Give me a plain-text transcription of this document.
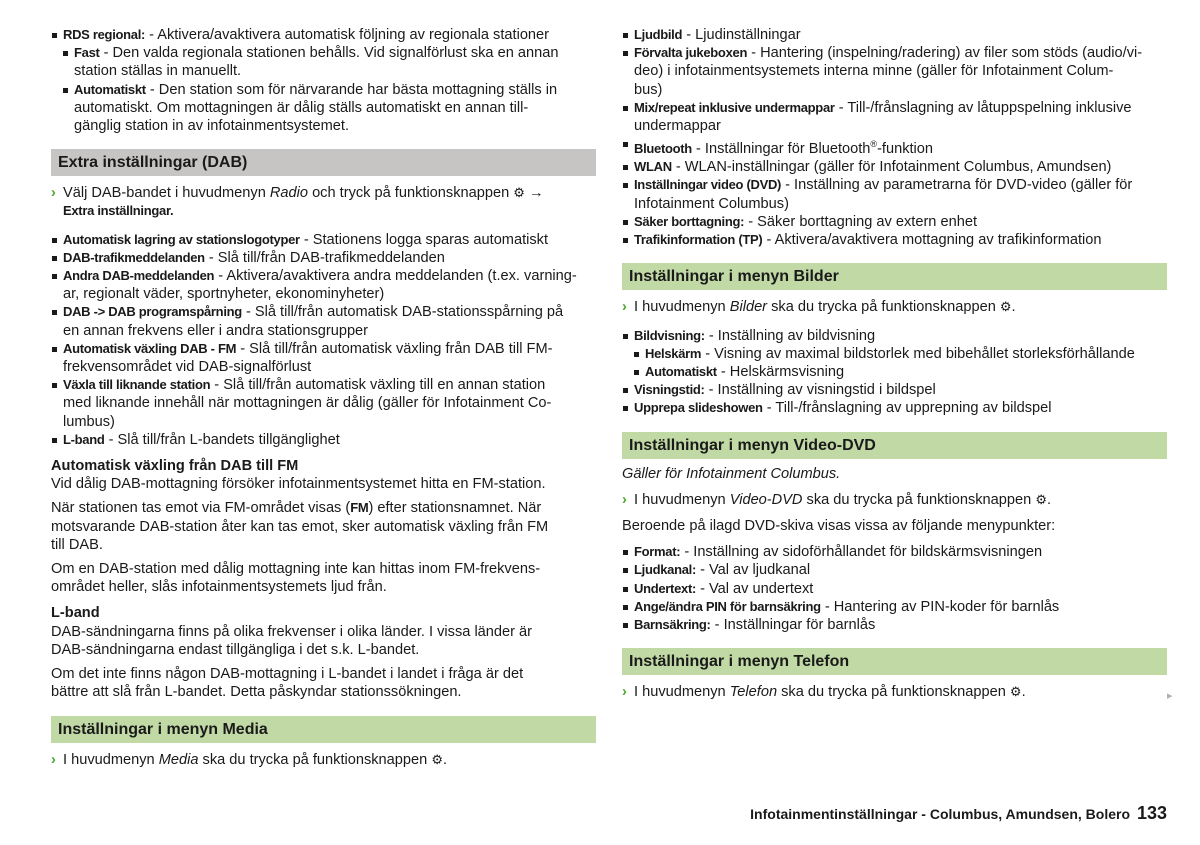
RDS regional: - Aktivera/avaktivera automatisk följning av regionala stationer
Fast - Den valda regionala stationen behålls. Vid signalförlust ska en annan
station ställas in manuellt.
Automatiskt - Den station som för närvarande har bästa mottagning ställs in
automatiskt. Om mottagningen är dålig ställs automatiskt en annan till-
gänglig station in av infotainmentsystemet.
Extra inställningar (DAB)
› Välj DAB-bandet i huvudmenyn Radio och tryck på funktionsknappen ⚙ →
Extra inställningar.
Automatisk lagring av stationslogotyper - Stationens logga sparas automatiskt
DAB-trafikmeddelanden - Slå till/från DAB-trafikmeddelanden
Andra DAB-meddelanden - Aktivera/avaktivera andra meddelanden (t.ex. varning-
ar, regionalt väder, sportnyheter, ekonominyheter)
DAB -> DAB programspårning - Slå till/från automatisk DAB-stationsspårning på
en annan frekvens eller i andra stationsgrupper
Automatisk växling DAB - FM - Slå till/från automatisk växling från DAB till FM-
frekvensområdet vid DAB-signalförlust
Växla till liknande station - Slå till/från automatisk växling till en annan station
med liknande innehåll när mottagningen är dålig (gäller för Infotainment Co-
lumbus)
L-band - Slå till/från L-bandets tillgänglighet
Automatisk växling från DAB till FM
Vid dålig DAB-mottagning försöker infotainmentsystemet hitta en FM-station.
När stationen tas emot via FM-området visas (FM) efter stationsnamnet. När
motsvarande DAB-station åter kan tas emot, sker automatisk växling från FM
till DAB.
Om en DAB-station med dålig mottagning inte kan hittas inom FM-frekvens-
området heller, slås infotainmentsystemets ljud från.
L-band
DAB-sändningarna finns på olika frekvenser i olika länder. I vissa länder är
DAB-sändningarna endast tillgängliga i det s.k. L-bandet.
Om det inte finns någon DAB-mottagning i L-bandet i landet i fråga är det
bättre att slå från L-bandet. Detta påskyndar stationssökningen.
Inställningar i menyn Media
› I huvudmenyn Media ska du trycka på funktionsknappen ⚙.
Ljudbild - Ljudinställningar
Förvalta jukeboxen - Hantering (inspelning/radering) av filer som stöds (audio/vi-
deo) i infotainmentsystemets interna minne (gäller för Infotainment Colum-
bus)
Mix/repeat inklusive undermappar - Till-/frånslagning av låtuppspelning inklusive
undermappar
Bluetooth - Inställningar för Bluetooth®-funktion
WLAN - WLAN-inställningar (gäller för Infotainment Columbus, Amundsen)
Inställningar video (DVD) - Inställning av parametrarna för DVD-video (gäller för
Infotainment Columbus)
Säker borttagning: - Säker borttagning av extern enhet
Trafikinformation (TP) - Aktivera/avaktivera mottagning av trafikinformation
Inställningar i menyn Bilder
› I huvudmenyn Bilder ska du trycka på funktionsknappen ⚙.
Bildvisning: - Inställning av bildvisning
Helskärm - Visning av maximal bildstorlek med bibehållet storleksförhållande
Automatiskt - Helskärmsvisning
Visningstid: - Inställning av visningstid i bildspel
Upprepa slideshowen - Till-/frånslagning av upprepning av bildspel
Inställningar i menyn Video-DVD
Gäller för Infotainment Columbus.
› I huvudmenyn Video-DVD ska du trycka på funktionsknappen ⚙.
Beroende på ilagd DVD-skiva visas vissa av följande menypunkter:
Format: - Inställning av sidoförhållandet för bildskärmsvisningen
Ljudkanal: - Val av ljudkanal
Undertext: - Val av undertext
Ange/ändra PIN för barnsäkring - Hantering av PIN-koder för barnlås
Barnsäkring: - Inställningar för barnlås
Inställningar i menyn Telefon
› I huvudmenyn Telefon ska du trycka på funktionsknappen ⚙.	▸
Infotainmentinställningar - Columbus, Amundsen, Bolero 133
